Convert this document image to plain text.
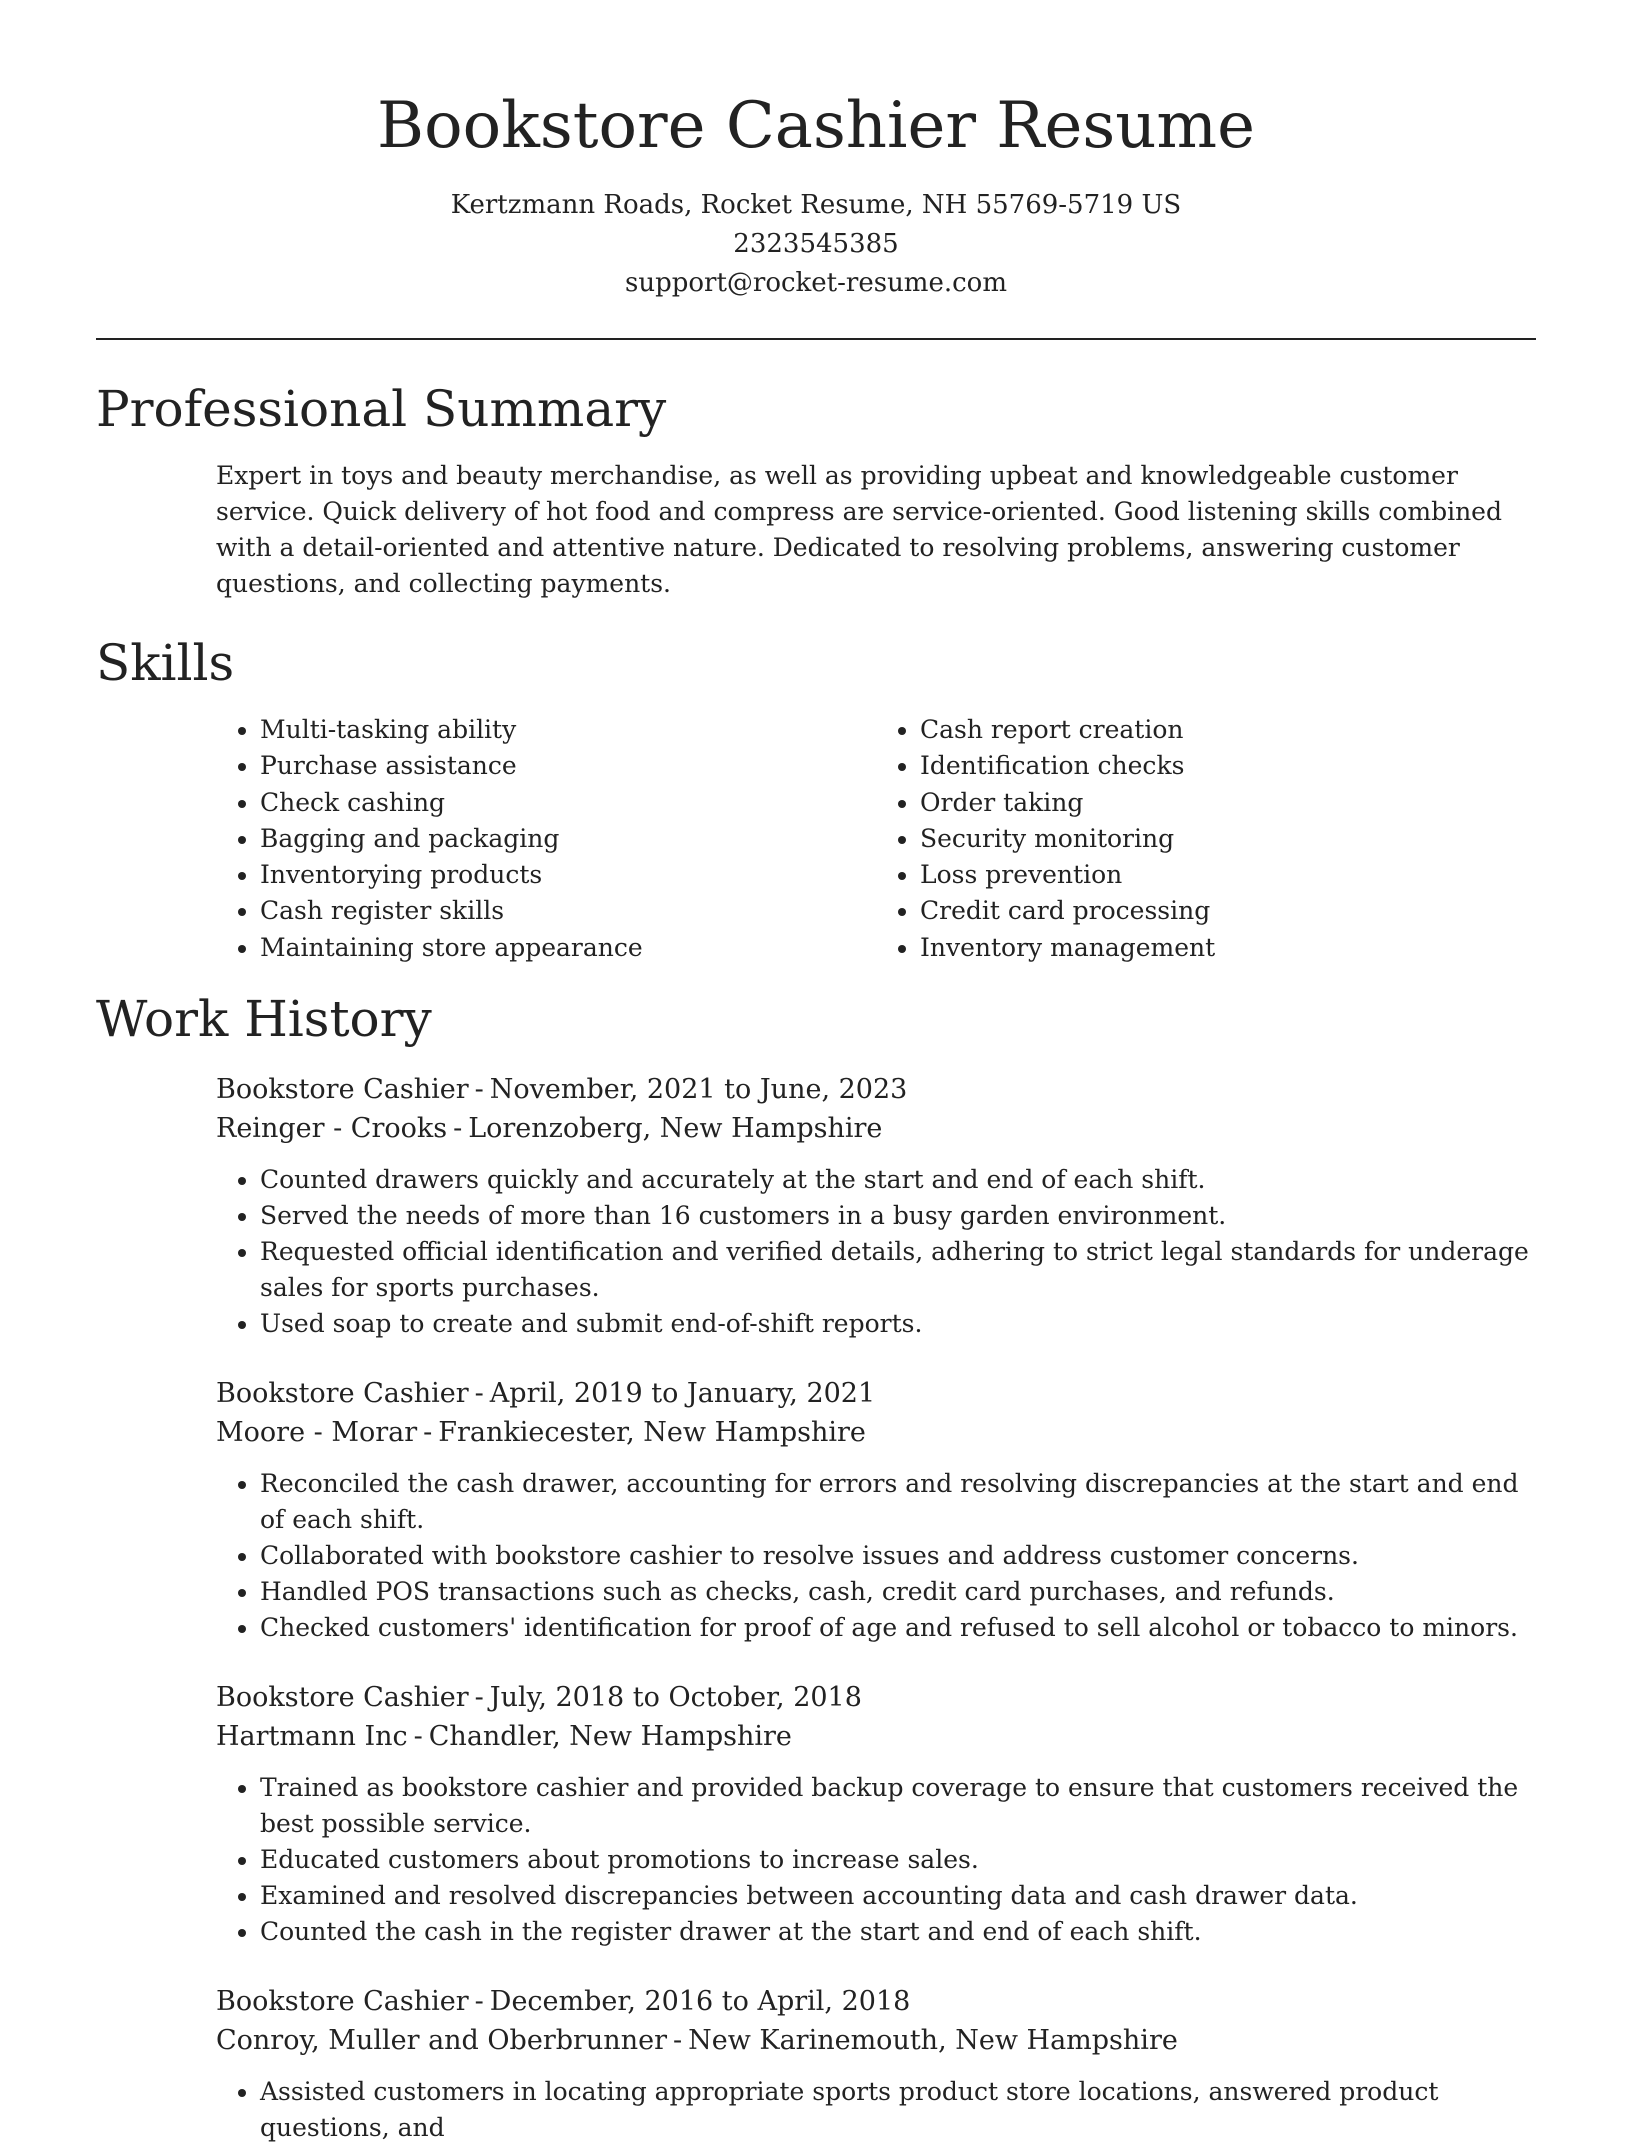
Bookstore Cashier Resume
Kertzmann Roads, Rocket Resume, NH 55769-5719 US
2323545385
support@rocket-resume.com
Professional Summary

Expert in toys and beauty merchandise, as well as providing upbeat and knowledgeable customer service. Quick delivery of hot food and compress are service-oriented. Good listening skills combined with a detail-oriented and attentive nature. Dedicated to resolving problems, answering customer questions, and collecting payments.

Skills
• Multi-tasking ability
• Purchase assistance
• Check cashing
• Bagging and packaging
• Inventorying products
• Cash register skills
• Maintaining store appearance
• Cash report creation
• Identification checks
• Order taking
• Security monitoring
• Loss prevention
• Credit card processing
• Inventory management
Work History
Bookstore Cashier - November, 2021 to June, 2023
Reinger - Crooks - Lorenzoberg, New Hampshire
• Counted drawers quickly and accurately at the start and end of each shift.
• Served the needs of more than 16 customers in a busy garden environment.
• Requested official identification and verified details, adhering to strict legal standards for underage sales for sports purchases.
• Used soap to create and submit end-of-shift reports.
Bookstore Cashier - April, 2019 to January, 2021
Moore - Morar - Frankiecester, New Hampshire
• Reconciled the cash drawer, accounting for errors and resolving discrepancies at the start and end of each shift.
• Collaborated with bookstore cashier to resolve issues and address customer concerns.
• Handled POS transactions such as checks, cash, credit card purchases, and refunds.
• Checked customers' identification for proof of age and refused to sell alcohol or tobacco to minors.
Bookstore Cashier - July, 2018 to October, 2018
Hartmann Inc - Chandler, New Hampshire
• Trained as bookstore cashier and provided backup coverage to ensure that customers received the best possible service.
• Educated customers about promotions to increase sales.
• Examined and resolved discrepancies between accounting data and cash drawer data.
• Counted the cash in the register drawer at the start and end of each shift.
Bookstore Cashier - December, 2016 to April, 2018
Conroy, Muller and Oberbrunner - New Karinemouth, New Hampshire
• Assisted customers in locating appropriate sports product store locations, answered product questions, and
